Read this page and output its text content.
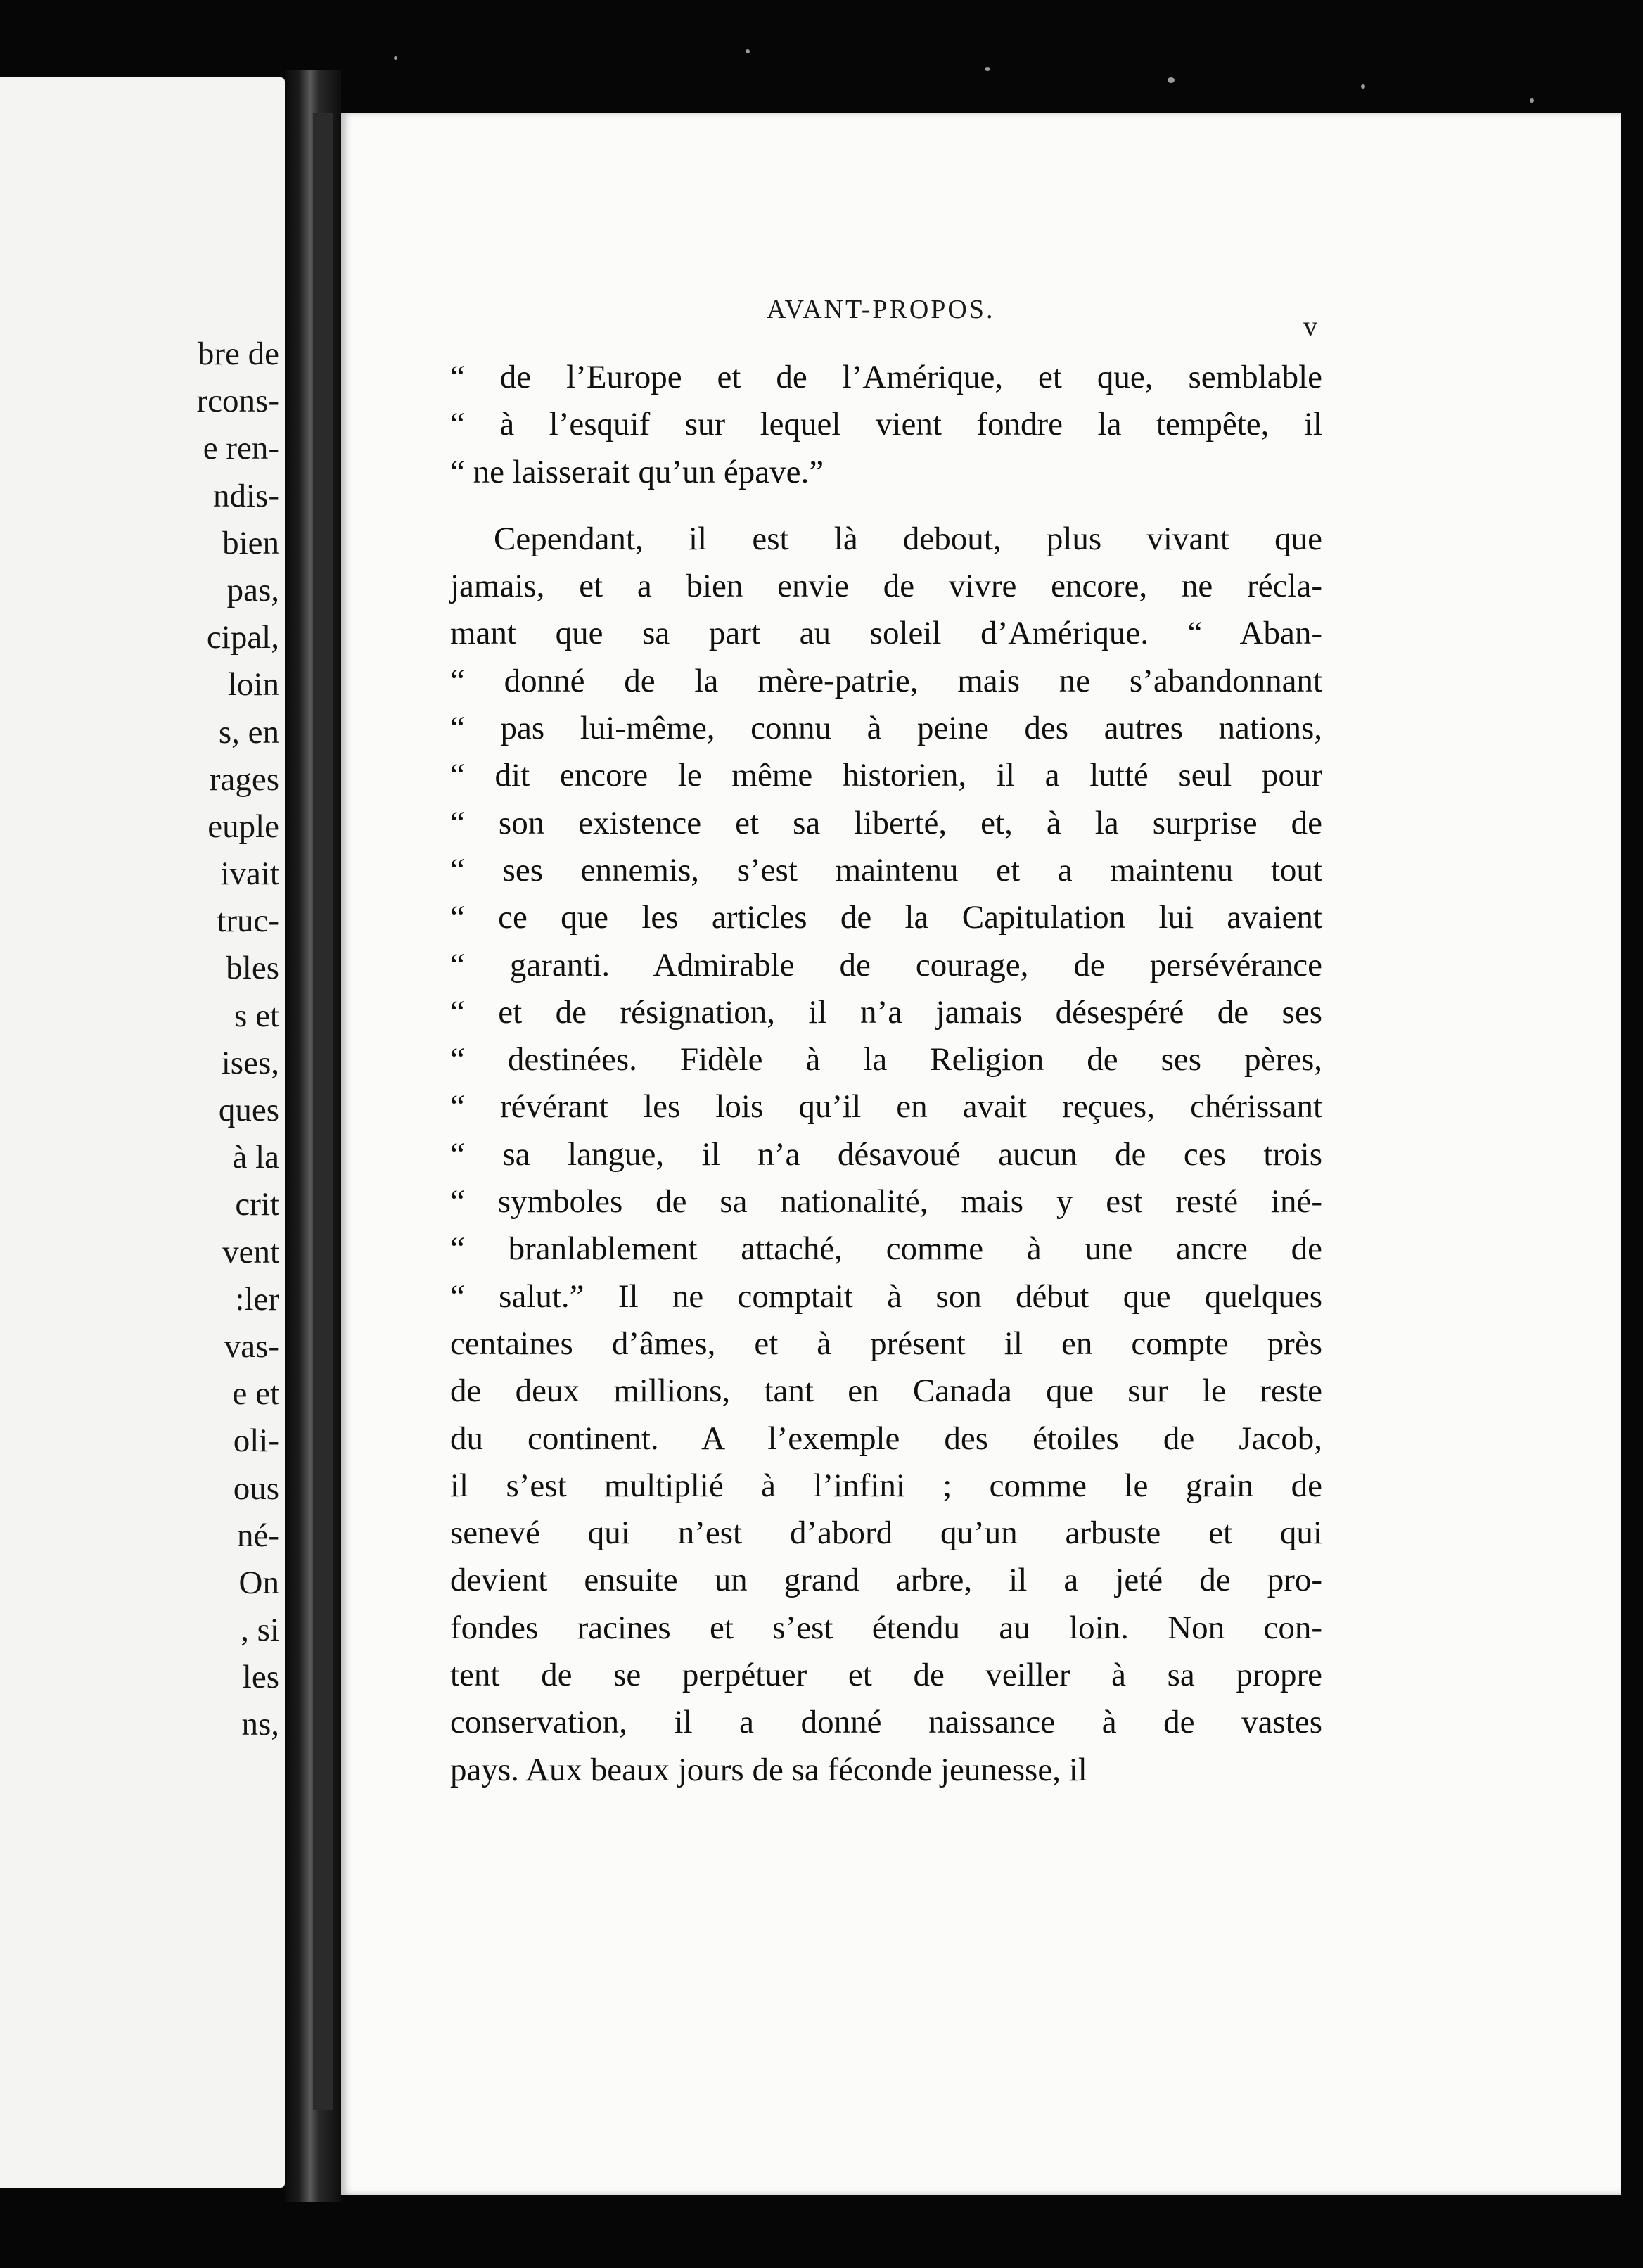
bre de
rcons-
e ren-
ndis-
bien
pas,
cipal,
loin
s, en
rages
euple
ivait
truc-
bles
s et
ises,
ques
à la
crit
vent
:ler
vas-
e et
oli-
ous
né-
On
, si
les
ns,
AVANT-PROPOS.
v
“ de l’Europe et de l’Amérique, et que, semblable
“ à l’esquif sur lequel vient fondre la tempête, il
“ ne laisserait qu’un épave.”
Cependant, il est là debout, plus vivant que
jamais, et a bien envie de vivre encore, ne récla-
mant que sa part au soleil d’Amérique. “ Aban-
“ donné de la mère-patrie, mais ne s’abandonnant
“ pas lui-même, connu à peine des autres nations,
“ dit encore le même historien, il a lutté seul pour
“ son existence et sa liberté, et, à la surprise de
“ ses ennemis, s’est maintenu et a maintenu tout
“ ce que les articles de la Capitulation lui avaient
“ garanti. Admirable de courage, de persévérance
“ et de résignation, il n’a jamais désespéré de ses
“ destinées. Fidèle à la Religion de ses pères,
“ révérant les lois qu’il en avait reçues, chérissant
“ sa langue, il n’a désavoué aucun de ces trois
“ symboles de sa nationalité, mais y est resté iné-
“ branlablement attaché, comme à une ancre de
“ salut.” Il ne comptait à son début que quelques
centaines d’âmes, et à présent il en compte près
de deux millions, tant en Canada que sur le reste
du continent. A l’exemple des étoiles de Jacob,
il s’est multiplié à l’infini ; comme le grain de
senevé qui n’est d’abord qu’un arbuste et qui
devient ensuite un grand arbre, il a jeté de pro-
fondes racines et s’est étendu au loin. Non con-
tent de se perpétuer et de veiller à sa propre
conservation, il a donné naissance à de vastes
pays. Aux beaux jours de sa féconde jeunesse, il
